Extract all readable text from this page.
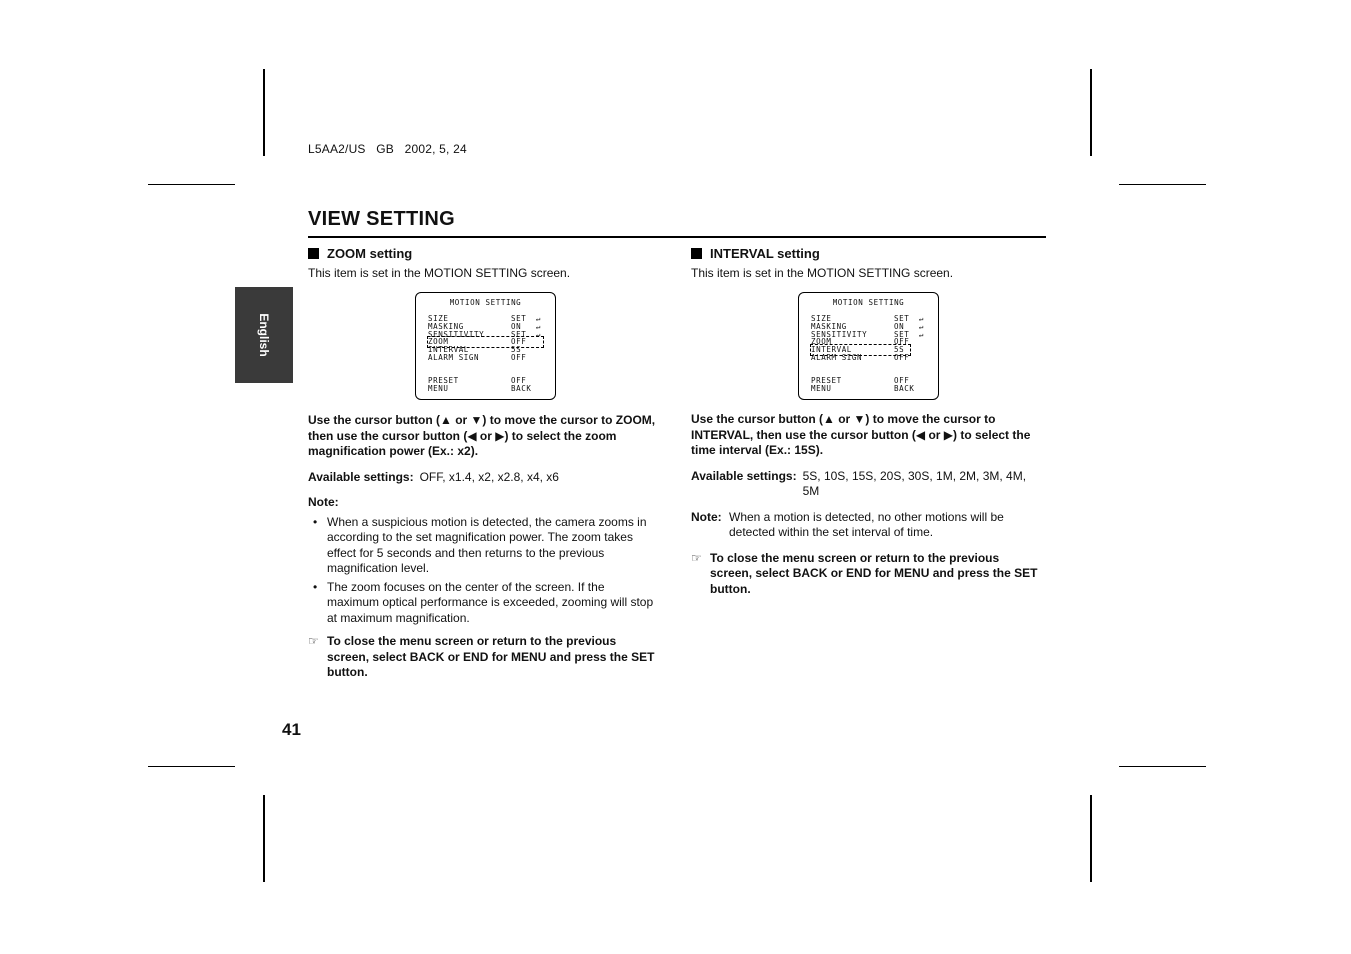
L5AA2/US   GB   2002, 5, 24
VIEW SETTING
English
ZOOM setting

This item is set in the MOTION SETTING screen.

Use the cursor button (▲ or ▼) to move the cursor to ZOOM, then use the cursor button (◀ or ▶) to select the zoom magnification power (Ex.: x2).

Available settings: OFF, x1.4, x2, x2.8, x4, x6
Note:
• When a suspicious motion is detected, the camera zooms in according to the set magnification power. The zoom takes effect for 5 seconds and then returns to the previous magnification level.
• The zoom focuses on the center of the screen. If the maximum optical performance is exceeded, zooming will stop at maximum magnification.
☞ To close the menu screen or return to the previous screen, select BACK or END for MENU and press the SET button.
MOTION SETTING
SIZE	SET ↵
MASKING	ON ↵
SENSITIVITY	SET ↵
ZOOM	OFF
INTERVAL	5S
ALARM SIGN	OFF
PRESET	OFF
MENU	BACK
INTERVAL setting

This item is set in the MOTION SETTING screen.

Use the cursor button (▲ or ▼) to move the cursor to INTERVAL, then use the cursor button (◀ or ▶) to select the time interval (Ex.: 15S).

Available settings: 5S, 10S, 15S, 20S, 30S, 1M, 2M, 3M, 4M, 5M
Note: When a motion is detected, no other motions will be detected within the set interval of time.
☞ To close the menu screen or return to the previous screen, select BACK or END for MENU and press the SET button.
MOTION SETTING
SIZE	SET ↵
MASKING	ON ↵
SENSITIVITY	SET ↵
ZOOM	OFF
INTERVAL	5S
ALARM SIGN	OFF
PRESET	OFF
MENU	BACK
41
